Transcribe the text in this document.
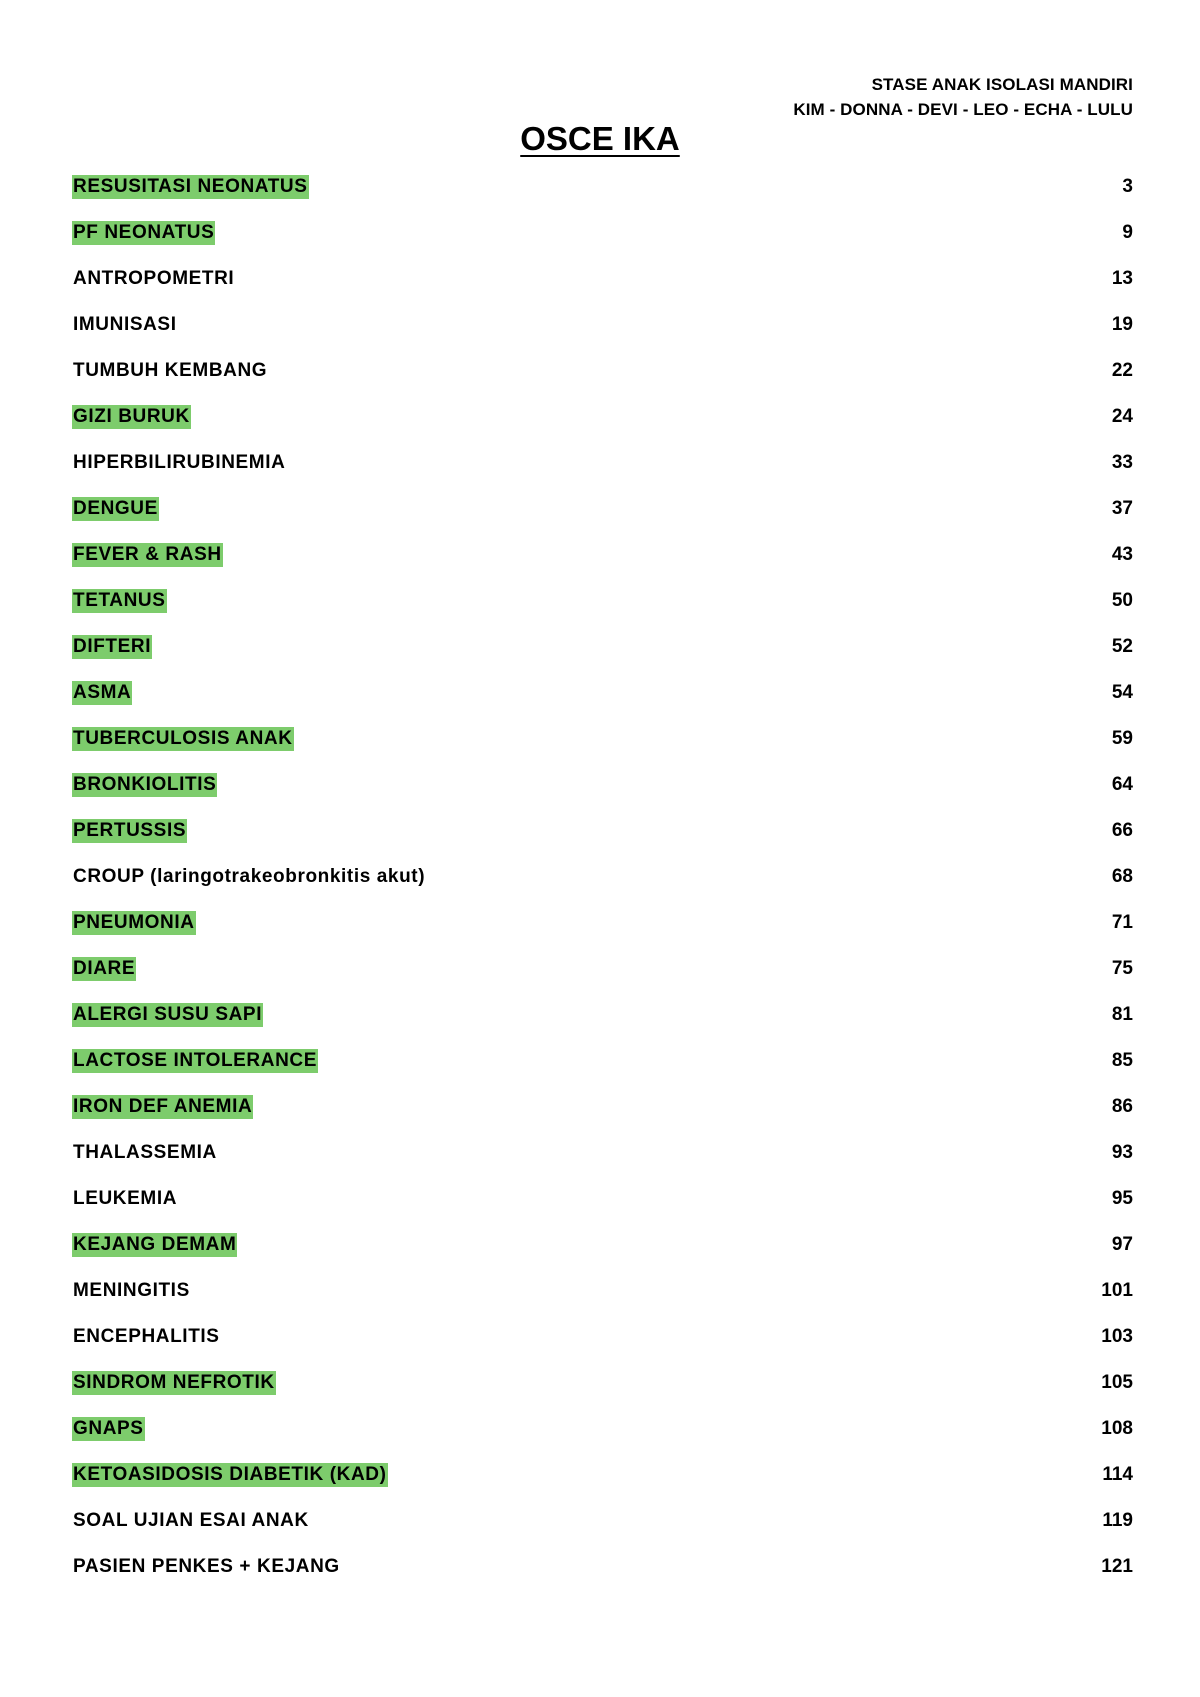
STASE ANAK ISOLASI MANDIRI
KIM - DONNA - DEVI - LEO - ECHA - LULU
OSCE IKA
RESUSITASI NEONATUS	3
PF NEONATUS	9
ANTROPOMETRI	13
IMUNISASI	19
TUMBUH KEMBANG	22
GIZI BURUK	24
HIPERBILIRUBINEMIA	33
DENGUE	37
FEVER & RASH	43
TETANUS	50
DIFTERI	52
ASMA	54
TUBERCULOSIS ANAK	59
BRONKIOLITIS	64
PERTUSSIS	66
CROUP (laringotrakeobronkitis akut)	68
PNEUMONIA	71
DIARE	75
ALERGI SUSU SAPI	81
LACTOSE INTOLERANCE	85
IRON DEF ANEMIA	86
THALASSEMIA	93
LEUKEMIA	95
KEJANG DEMAM	97
MENINGITIS	101
ENCEPHALITIS	103
SINDROM NEFROTIK	105
GNAPS	108
KETOASIDOSIS DIABETIK (KAD)	114
SOAL UJIAN ESAI ANAK	119
PASIEN PENKES + KEJANG	121
